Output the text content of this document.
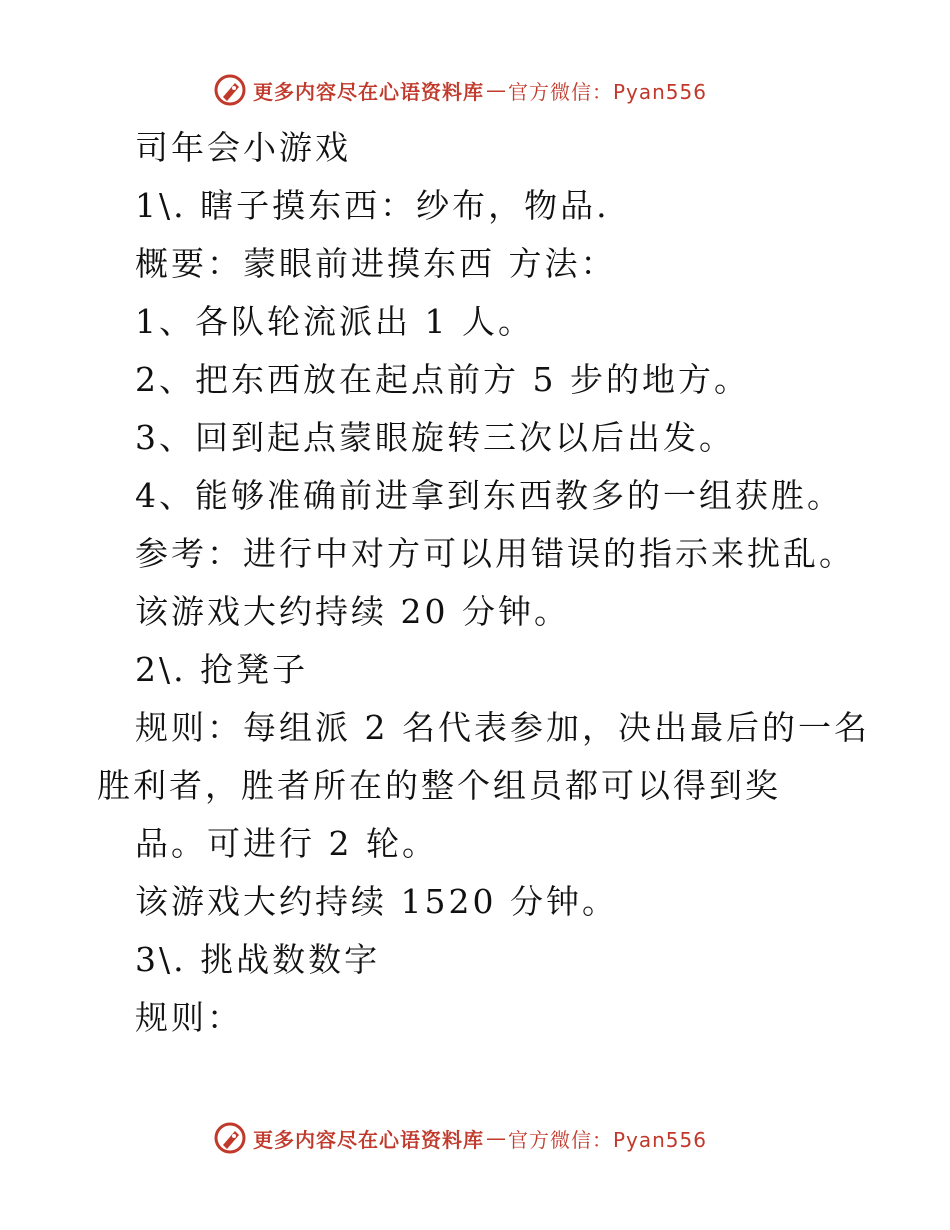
更多内容尽在心语资料库 — 官方微信：Pyan556
司年会小游戏
1\. 瞎子摸东西：纱布，物品.
概要：蒙眼前进摸东西 方法：
1、各队轮流派出 1 人。
2、把东西放在起点前方 5 步的地方。
3、回到起点蒙眼旋转三次以后出发。
4、能够准确前进拿到东西教多的一组获胜。
参考：进行中对方可以用错误的指示来扰乱。
该游戏大约持续 20 分钟。
2\. 抢凳子
规则：每组派 2 名代表参加，决出最后的一名
胜利者，胜者所在的整个组员都可以得到奖
品。可进行 2 轮。
该游戏大约持续 1520 分钟。
3\. 挑战数数字
规则：
更多内容尽在心语资料库 — 官方微信：Pyan556
